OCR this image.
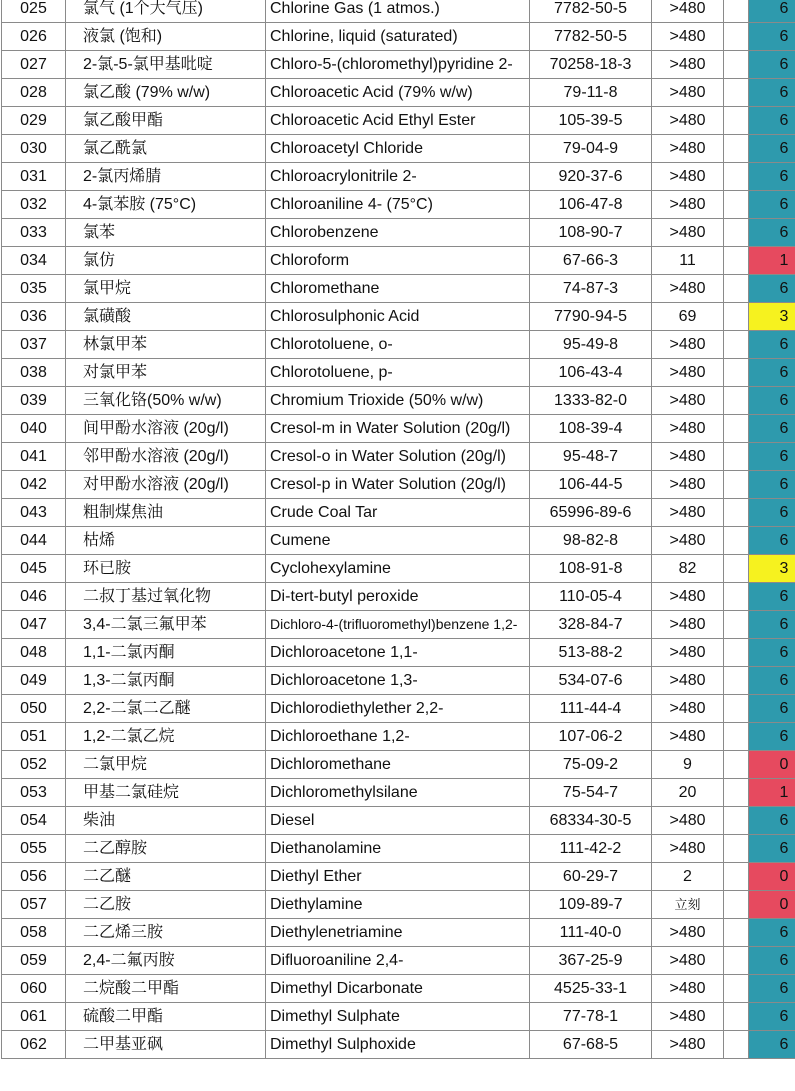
025	氯气 (1个大气压)	Chlorine Gas (1 atmos.)	7782-50-5	>480		6
026	液氯 (饱和)	Chlorine, liquid (saturated)	7782-50-5	>480		6
027	2-氯-5-氯甲基吡啶	Chloro-5-(chloromethyl)pyridine 2-	70258-18-3	>480		6
028	氯乙酸 (79% w/w)	Chloroacetic Acid (79% w/w)	79-11-8	>480		6
029	氯乙酸甲酯	Chloroacetic Acid Ethyl Ester	105-39-5	>480		6
030	氯乙酰氯	Chloroacetyl Chloride	79-04-9	>480		6
031	2-氯丙烯腈	Chloroacrylonitrile 2-	920-37-6	>480		6
032	4-氯苯胺 (75°C)	Chloroaniline 4- (75°C)	106-47-8	>480		6
033	氯苯	Chlorobenzene	108-90-7	>480		6
034	氯仿	Chloroform	67-66-3	11		1
035	氯甲烷	Chloromethane	74-87-3	>480		6
036	氯磺酸	Chlorosulphonic Acid	7790-94-5	69		3
037	林氯甲苯	Chlorotoluene, o-	95-49-8	>480		6
038	对氯甲苯	Chlorotoluene, p-	106-43-4	>480		6
039	三氧化铬(50% w/w)	Chromium Trioxide (50% w/w)	1333-82-0	>480		6
040	间甲酚水溶液 (20g/l)	Cresol-m in Water Solution (20g/l)	108-39-4	>480		6
041	邻甲酚水溶液 (20g/l)	Cresol-o in Water Solution (20g/l)	95-48-7	>480		6
042	对甲酚水溶液 (20g/l)	Cresol-p in Water Solution (20g/l)	106-44-5	>480		6
043	粗制煤焦油	Crude Coal Tar	65996-89-6	>480		6
044	枯烯	Cumene	98-82-8	>480		6
045	环已胺	Cyclohexylamine	108-91-8	82		3
046	二叔丁基过氧化物	Di-tert-butyl peroxide	110-05-4	>480		6
047	3,4-二氯三氟甲苯	Dichloro-4-(trifluoromethyl)benzene 1,2-	328-84-7	>480		6
048	1,1-二氯丙酮	Dichloroacetone 1,1-	513-88-2	>480		6
049	1,3-二氯丙酮	Dichloroacetone 1,3-	534-07-6	>480		6
050	2,2-二氯二乙醚	Dichlorodiethylether 2,2-	111-44-4	>480		6
051	1,2-二氯乙烷	Dichloroethane 1,2-	107-06-2	>480		6
052	二氯甲烷	Dichloromethane	75-09-2	9		0
053	甲基二氯硅烷	Dichloromethylsilane	75-54-7	20		1
054	柴油	Diesel	68334-30-5	>480		6
055	二乙醇胺	Diethanolamine	111-42-2	>480		6
056	二乙醚	Diethyl Ether	60-29-7	2		0
057	二乙胺	Diethylamine	109-89-7	立刻		0
058	二乙烯三胺	Diethylenetriamine	111-40-0	>480		6
059	2,4-二氟丙胺	Difluoroaniline 2,4-	367-25-9	>480		6
060	二烷酸二甲酯	Dimethyl Dicarbonate	4525-33-1	>480		6
061	硫酸二甲酯	Dimethyl Sulphate	77-78-1	>480		6
062	二甲基亚砜	Dimethyl Sulphoxide	67-68-5	>480		6
